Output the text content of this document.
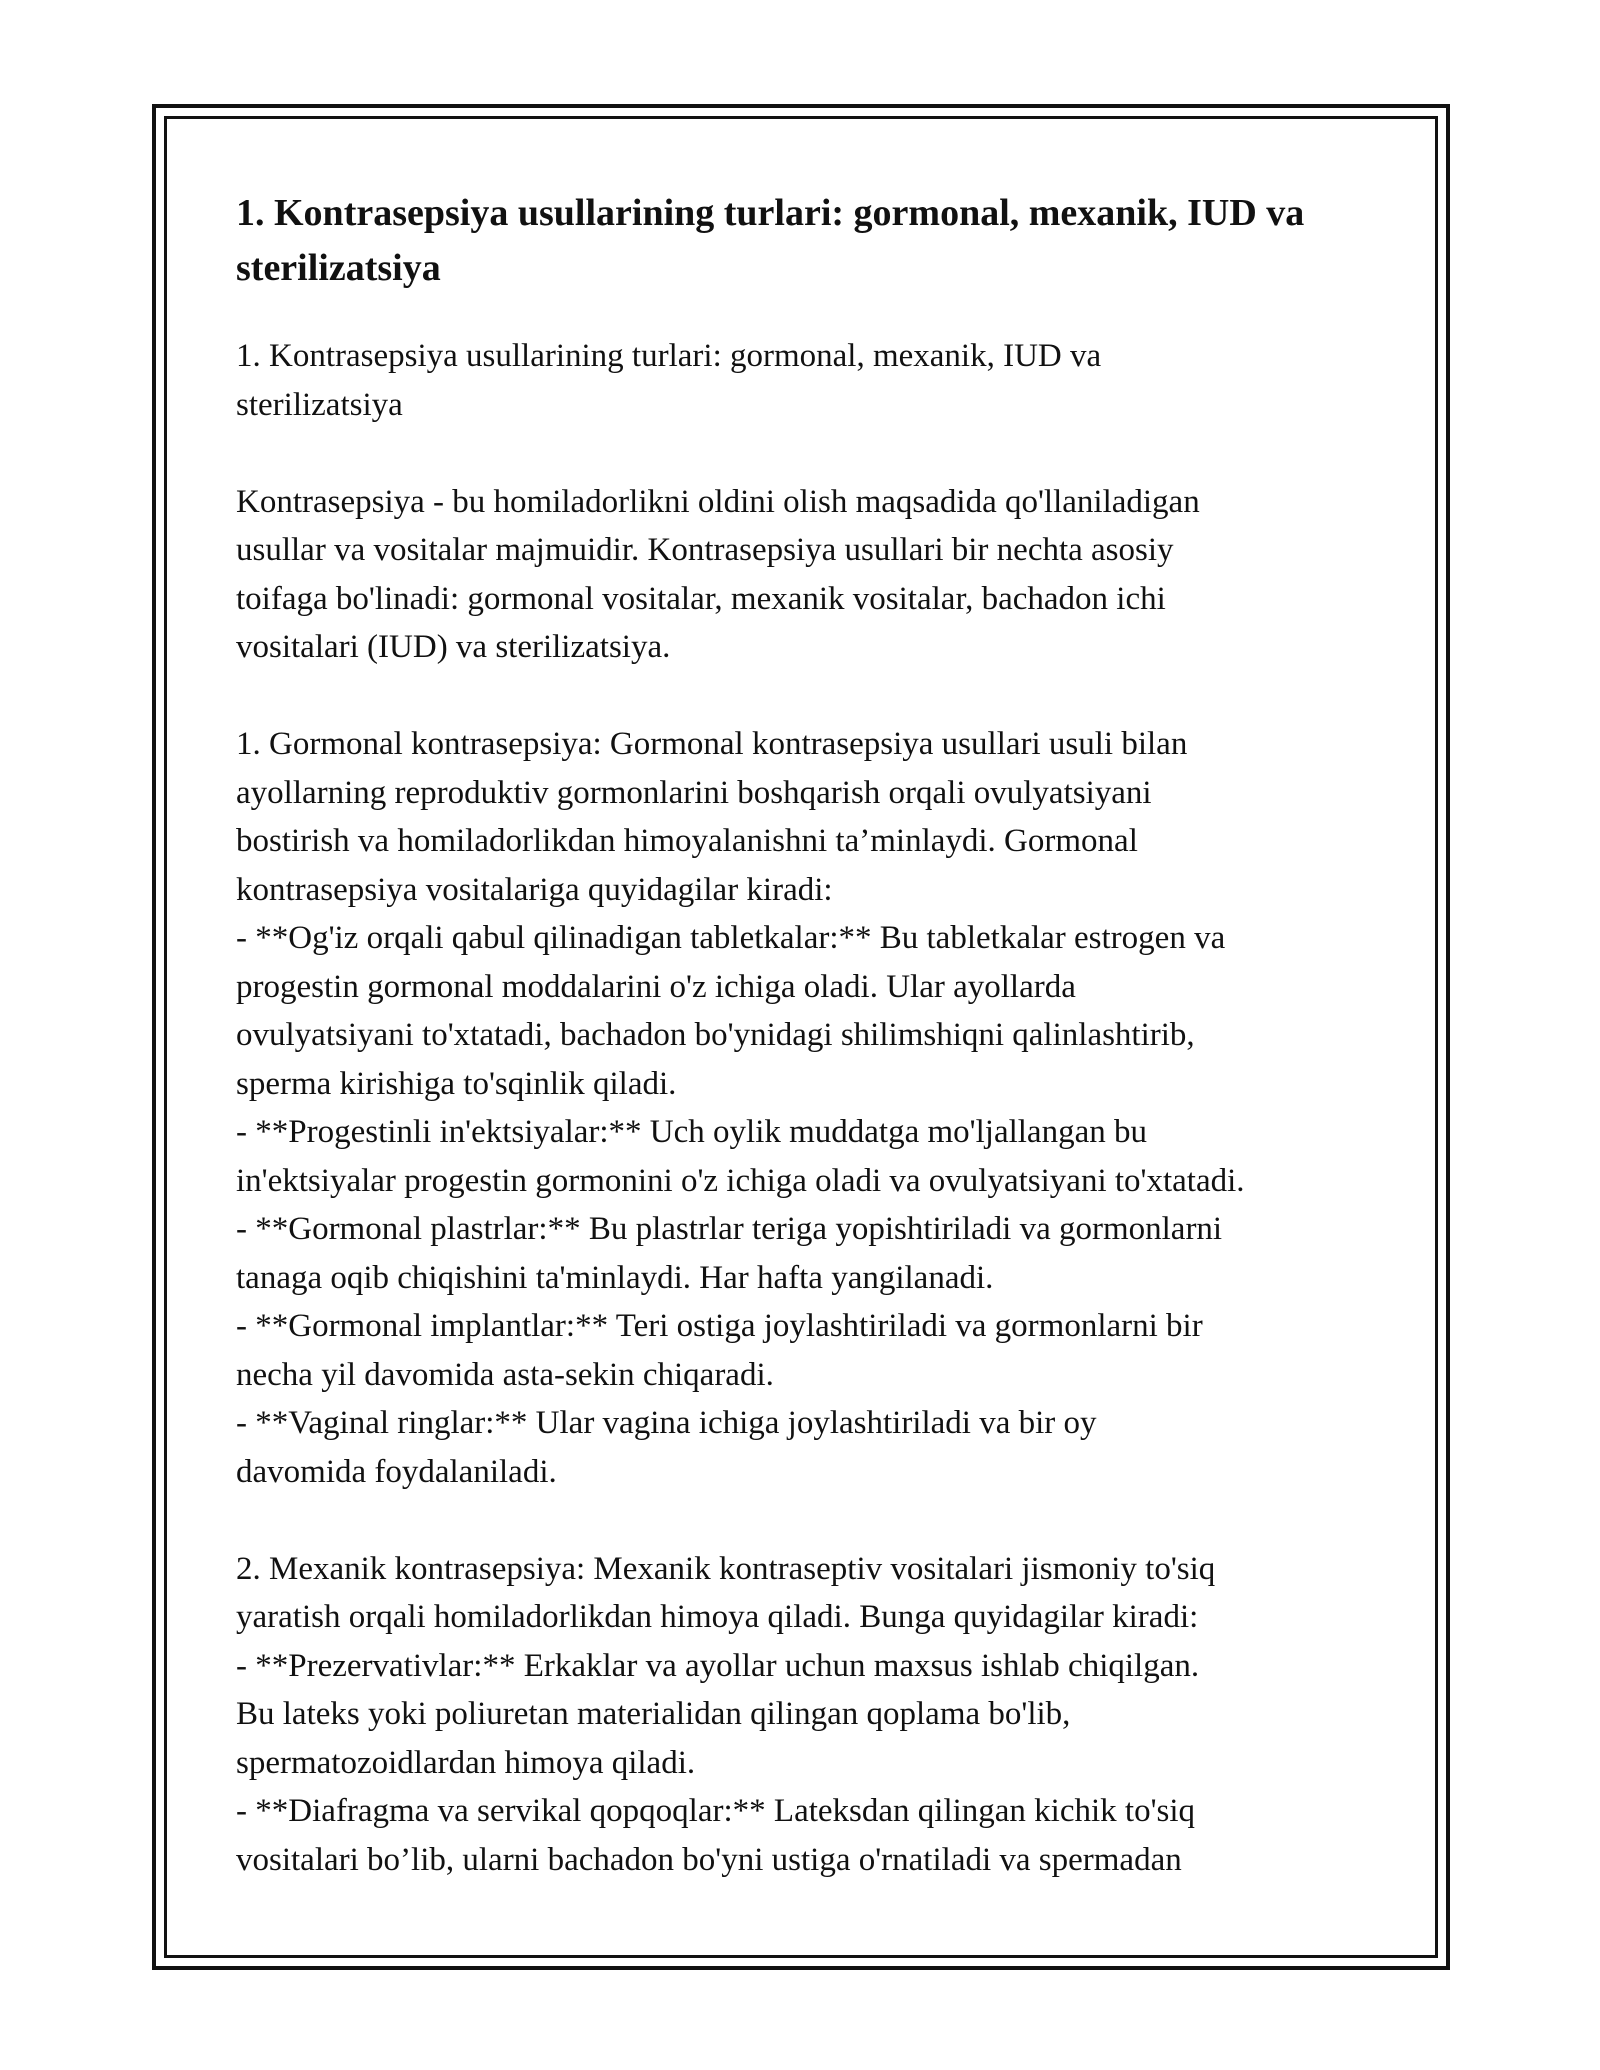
1. Kontrasepsiya usullarining turlari: gormonal, mexanik, IUD va sterilizatsiya

1. Kontrasepsiya usullarining turlari: gormonal, mexanik, IUD va
sterilizatsiya

Kontrasepsiya - bu homiladorlikni oldini olish maqsadida qo'llaniladigan
usullar va vositalar majmuidir. Kontrasepsiya usullari bir nechta asosiy
toifaga bo'linadi: gormonal vositalar, mexanik vositalar, bachadon ichi
vositalari (IUD) va sterilizatsiya.

1. Gormonal kontrasepsiya: Gormonal kontrasepsiya usullari usuli bilan
ayollarning reproduktiv gormonlarini boshqarish orqali ovulyatsiyani
bostirish va homiladorlikdan himoyalanishni ta’minlaydi. Gormonal
kontrasepsiya vositalariga quyidagilar kiradi:
- **Og'iz orqali qabul qilinadigan tabletkalar:** Bu tabletkalar estrogen va
progestin gormonal moddalarini o'z ichiga oladi. Ular ayollarda
ovulyatsiyani to'xtatadi, bachadon bo'ynidagi shilimshiqni qalinlashtirib,
sperma kirishiga to'sqinlik qiladi.
- **Progestinli in'ektsiyalar:** Uch oylik muddatga mo'ljallangan bu
in'ektsiyalar progestin gormonini o'z ichiga oladi va ovulyatsiyani to'xtatadi.
- **Gormonal plastrlar:** Bu plastrlar teriga yopishtiriladi va gormonlarni
tanaga oqib chiqishini ta'minlaydi. Har hafta yangilanadi.
- **Gormonal implantlar:** Teri ostiga joylashtiriladi va gormonlarni bir
necha yil davomida asta-sekin chiqaradi.
- **Vaginal ringlar:** Ular vagina ichiga joylashtiriladi va bir oy
davomida foydalaniladi.

2. Mexanik kontrasepsiya: Mexanik kontraseptiv vositalari jismoniy to'siq
yaratish orqali homiladorlikdan himoya qiladi. Bunga quyidagilar kiradi:
- **Prezervativlar:** Erkaklar va ayollar uchun maxsus ishlab chiqilgan.
Bu lateks yoki poliuretan materialidan qilingan qoplama bo'lib,
spermatozoidlardan himoya qiladi.
- **Diafragma va servikal qopqoqlar:** Lateksdan qilingan kichik to'siq
vositalari bo’lib, ularni bachadon bo'yni ustiga o'rnatiladi va spermadan
